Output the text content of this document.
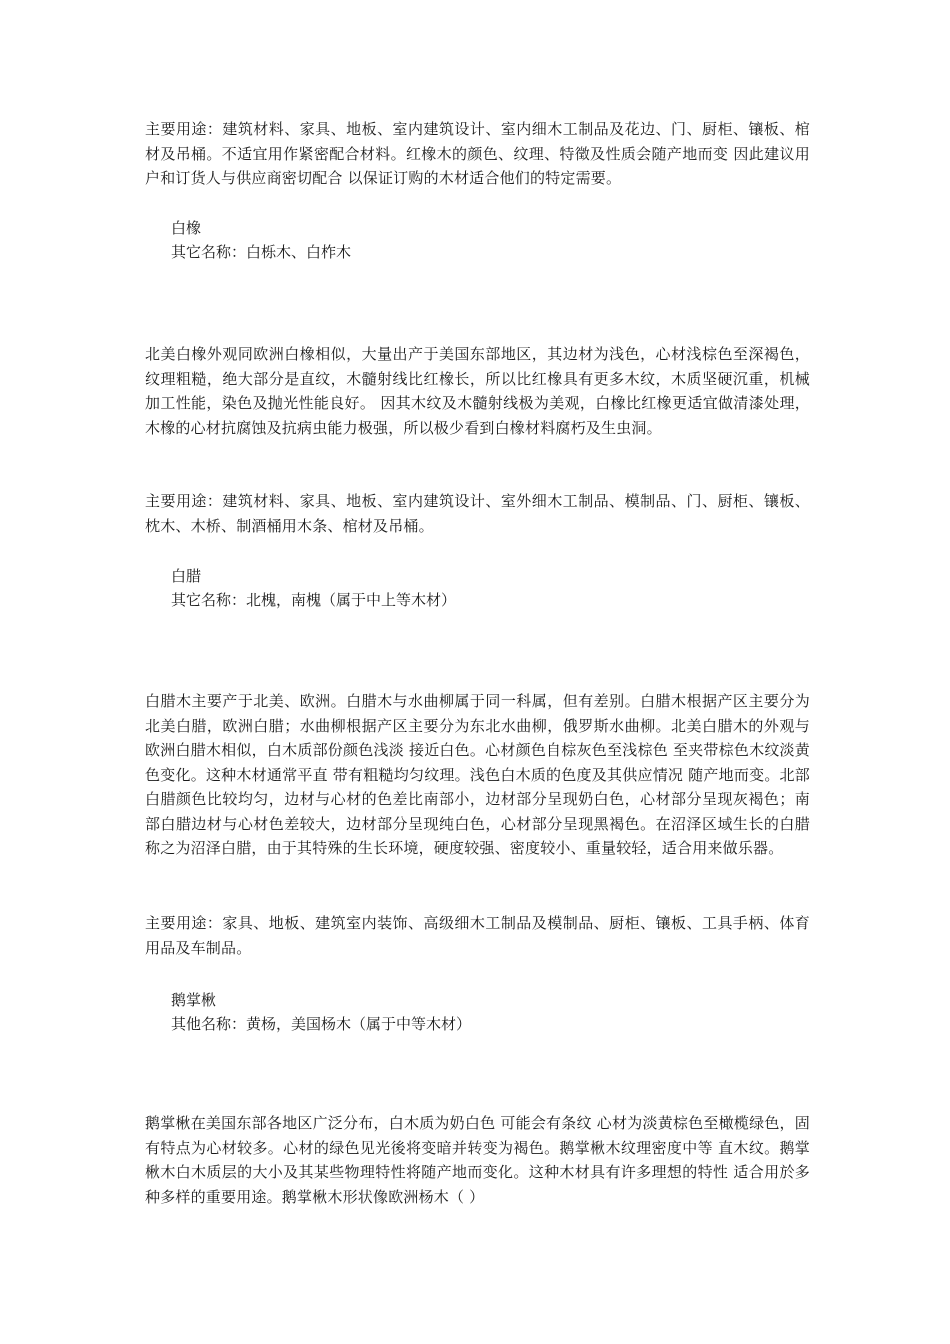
主要用途：建筑材料、家具、地板、室内建筑设计、室内细木工制品及花边、门、厨柜、镶板、棺材及吊桶。不适宜用作紧密配合材料。红橡木的颜色、纹理、特徵及性质会随产地而变 因此建议用户和订货人与供应商密切配合 以保证订购的木材适合他们的特定需要。

白橡
其它名称：白栎木、白柞木

北美白橡外观同欧洲白橡相似，大量出产于美国东部地区，其边材为浅色，心材浅棕色至深褐色，纹理粗糙，绝大部分是直纹，木髓射线比红橡长，所以比红橡具有更多木纹，木质坚硬沉重，机械加工性能，染色及抛光性能良好。 因其木纹及木髓射线极为美观，白橡比红橡更适宜做清漆处理，木橡的心材抗腐蚀及抗病虫能力极强，所以极少看到白橡材料腐朽及生虫洞。

主要用途：建筑材料、家具、地板、室内建筑设计、室外细木工制品、模制品、门、厨柜、镶板、枕木、木桥、制酒桶用木条、棺材及吊桶。

白腊
其它名称：北槐，南槐（属于中上等木材）

白腊木主要产于北美、欧洲。白腊木与水曲柳属于同一科属，但有差别。白腊木根据产区主要分为北美白腊，欧洲白腊；水曲柳根据产区主要分为东北水曲柳，俄罗斯水曲柳。北美白腊木的外观与欧洲白腊木相似，白木质部份颜色浅淡 接近白色。心材颜色自棕灰色至浅棕色 至夹带棕色木纹淡黄色变化。这种木材通常平直 带有粗糙均匀纹理。浅色白木质的色度及其供应情况 随产地而变。北部白腊颜色比较均匀，边材与心材的色差比南部小，边材部分呈现奶白色，心材部分呈现灰褐色；南部白腊边材与心材色差较大，边材部分呈现纯白色，心材部分呈现黑褐色。在沼泽区域生长的白腊称之为沼泽白腊，由于其特殊的生长环境，硬度较强、密度较小、重量较轻，适合用来做乐器。

主要用途：家具、地板、建筑室内装饰、高级细木工制品及模制品、厨柜、镶板、工具手柄、体育用品及车制品。

鹅掌楸
其他名称：黄杨，美国杨木（属于中等木材）

鹅掌楸在美国东部各地区广泛分布，白木质为奶白色 可能会有条纹 心材为淡黄棕色至橄榄绿色，固有特点为心材较多。心材的绿色见光後将变暗并转变为褐色。鹅掌楸木纹理密度中等 直木纹。鹅掌楸木白木质层的大小及其某些物理特性将随产地而变化。这种木材具有许多理想的特性 适合用於多种多样的重要用途。鹅掌楸木形状像欧洲杨木（ ）
